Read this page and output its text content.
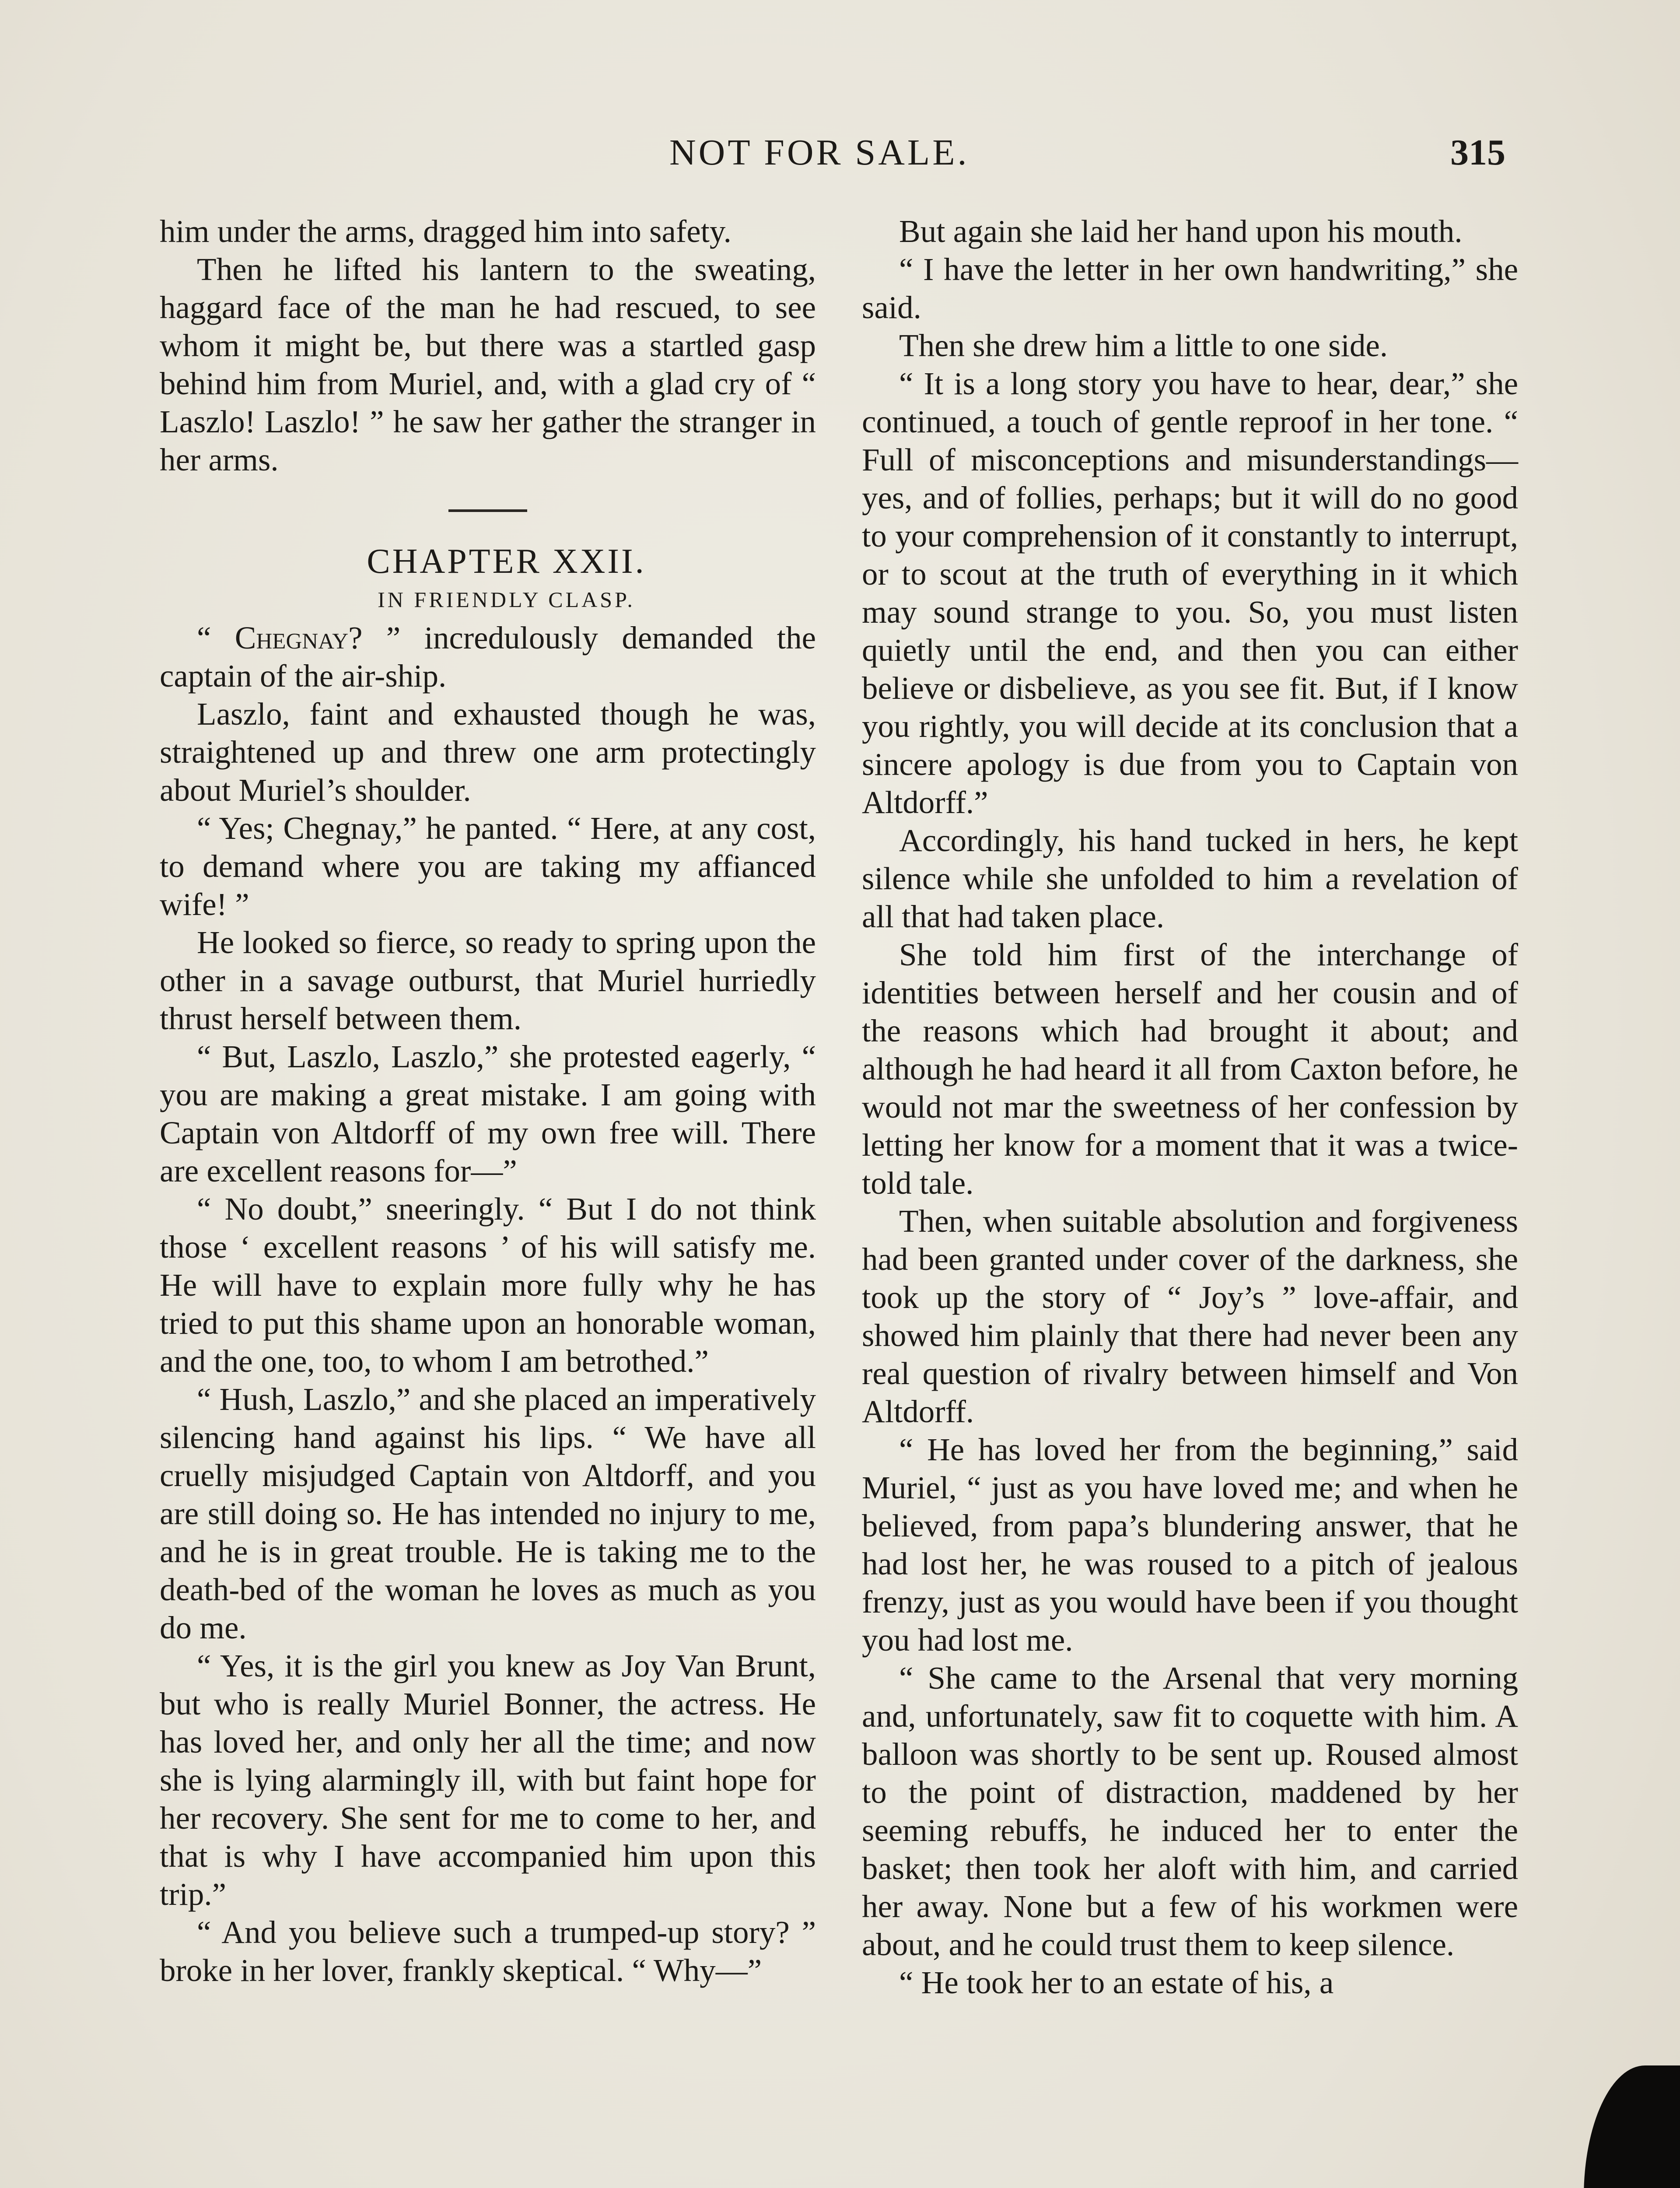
NOT FOR SALE.	315

him under the arms, dragged him into safety.

Then he lifted his lantern to the sweating, haggard face of the man he had rescued, to see whom it might be, but there was a startled gasp behind him from Muriel, and, with a glad cry of “ Laszlo! Laszlo! ” he saw her gather the stranger in her arms.

CHAPTER XXII.

IN FRIENDLY CLASP.

“ Chegnay? ” incredulously demanded the captain of the air-ship.

Laszlo, faint and exhausted though he was, straightened up and threw one arm protectingly about Muriel’s shoulder.

“ Yes; Chegnay,” he panted. “ Here, at any cost, to demand where you are taking my affianced wife! ”

He looked so fierce, so ready to spring upon the other in a savage outburst, that Muriel hurriedly thrust herself between them.

“ But, Laszlo, Laszlo,” she protested eagerly, “ you are making a great mistake. I am going with Captain von Altdorff of my own free will. There are excellent reasons for—”

“ No doubt,” sneeringly. “ But I do not think those ‘ excellent reasons ’ of his will satisfy me. He will have to explain more fully why he has tried to put this shame upon an honorable woman, and the one, too, to whom I am betrothed.”

“ Hush, Laszlo,” and she placed an imperatively silencing hand against his lips. “ We have all cruelly misjudged Captain von Altdorff, and you are still doing so. He has intended no injury to me, and he is in great trouble. He is taking me to the death-bed of the woman he loves as much as you do me.

“ Yes, it is the girl you knew as Joy Van Brunt, but who is really Muriel Bonner, the actress. He has loved her, and only her all the time; and now she is lying alarmingly ill, with but faint hope for her recovery. She sent for me to come to her, and that is why I have accompanied him upon this trip.”

“ And you believe such a trumped-up story? ” broke in her lover, frankly skeptical. “ Why—”

But again she laid her hand upon his mouth.

“ I have the letter in her own handwriting,” she said.

Then she drew him a little to one side.

“ It is a long story you have to hear, dear,” she continued, a touch of gentle reproof in her tone. “ Full of misconceptions and misunderstandings—yes, and of follies, perhaps; but it will do no good to your comprehension of it constantly to interrupt, or to scout at the truth of everything in it which may sound strange to you. So, you must listen quietly until the end, and then you can either believe or disbelieve, as you see fit. But, if I know you rightly, you will decide at its conclusion that a sincere apology is due from you to Captain von Altdorff.”

Accordingly, his hand tucked in hers, he kept silence while she unfolded to him a revelation of all that had taken place.

She told him first of the interchange of identities between herself and her cousin and of the reasons which had brought it about; and although he had heard it all from Caxton before, he would not mar the sweetness of her confession by letting her know for a moment that it was a twice-told tale.

Then, when suitable absolution and forgiveness had been granted under cover of the darkness, she took up the story of “ Joy’s ” love-affair, and showed him plainly that there had never been any real question of rivalry between himself and Von Altdorff.

“ He has loved her from the beginning,” said Muriel, “ just as you have loved me; and when he believed, from papa’s blundering answer, that he had lost her, he was roused to a pitch of jealous frenzy, just as you would have been if you thought you had lost me.

“ She came to the Arsenal that very morning and, unfortunately, saw fit to coquette with him. A balloon was shortly to be sent up. Roused almost to the point of distraction, maddened by her seeming rebuffs, he induced her to enter the basket; then took her aloft with him, and carried her away. None but a few of his workmen were about, and he could trust them to keep silence.

“ He took her to an estate of his, a
